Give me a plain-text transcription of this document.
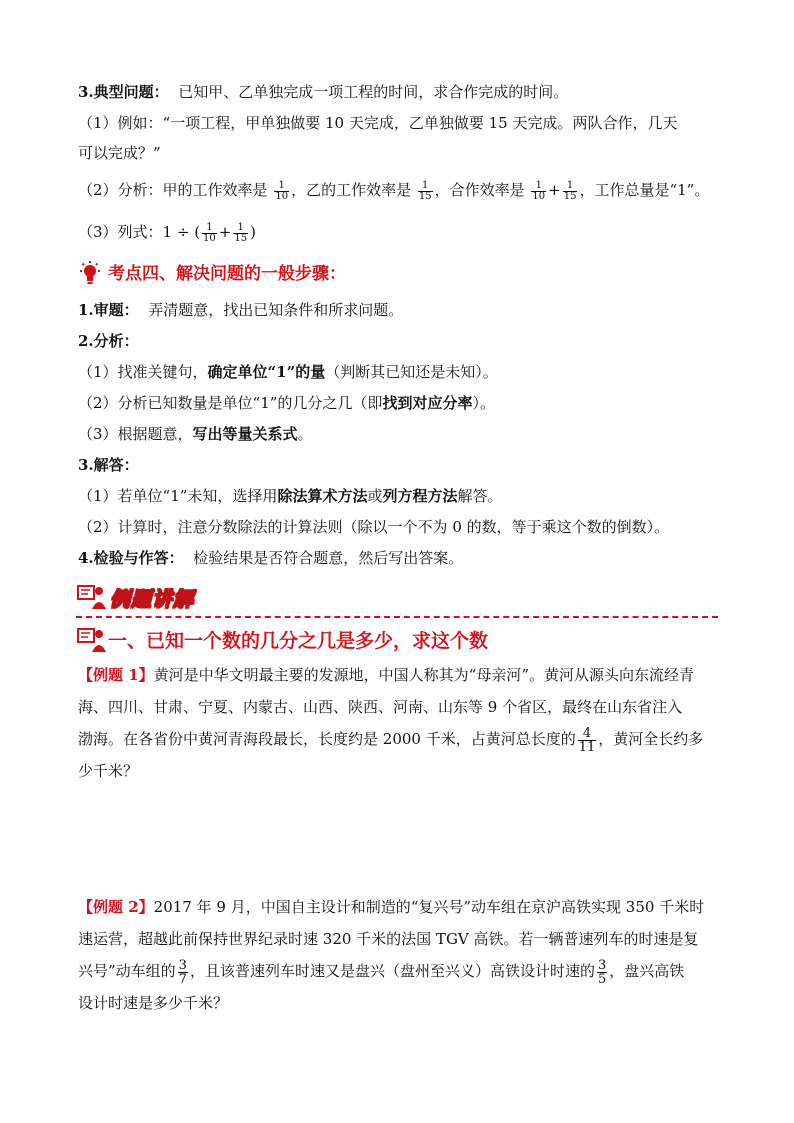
3.典型问题： 已知甲、乙单独完成一项工程的时间，求合作完成的时间。
（1）例如：“一项工程，甲单独做要 10 天完成，乙单独做要 15 天完成。两队合作，几天
可以完成？”
（2）分析：甲的工作效率是 $\frac{1}{10}$ ，乙的工作效率是 $\frac{1}{15}$ ，合作效率是 $\frac{1}{10} + \frac{1}{15}$ ，工作总量是“1”。
（3）列式：1 ÷ ( $\frac{1}{10} + \frac{1}{15}$ )
考点四、解决问题的一般步骤：
1.审题： 弄清题意，找出已知条件和所求问题。
2.分析：
（1）找准关键句，确定单位“1”的量（判断其已知还是未知）。
（2）分析已知数量是单位“1”的几分之几（即找到对应分率）。
（3）根据题意，写出等量关系式。
3.解答：
（1）若单位“1”未知，选择用除法算术方法或列方程方法解答。
（2）计算时，注意分数除法的计算法则（除以一个不为 0 的数，等于乘这个数的倒数）。
4.检验与作答： 检验结果是否符合题意，然后写出答案。
例题讲解
一、已知一个数的几分之几是多少，求这个数
【例题 1】黄河是中华文明最主要的发源地，中国人称其为“母亲河”。黄河从源头向东流经青
海、四川、甘肃、宁夏、内蒙古、山西、陕西、河南、山东等 9 个省区，最终在山东省注入
渤海。在各省份中黄河青海段最长，长度约是 2000 千米，占黄河总长度的 $\frac{4}{11}$ ，黄河全长约多
少千米？
【例题 2】2017 年 9 月，中国自主设计和制造的“复兴号”动车组在京沪高铁实现 350 千米时
速运营，超越此前保持世界纪录时速 320 千米的法国 TGV 高铁。若一辆普速列车的时速是复
兴号”动车组的 $\frac{3}{7}$ ，且该普速列车时速又是盘兴（盘州至兴义）高铁设计时速的 $\frac{3}{5}$ ，盘兴高铁
设计时速是多少千米？
